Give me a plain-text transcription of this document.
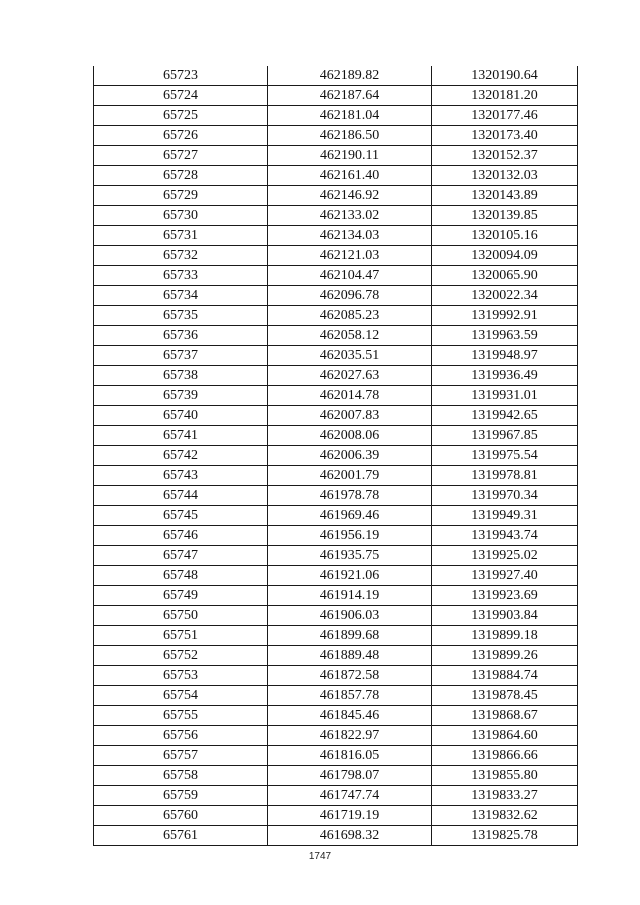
65723	462189.82	1320190.64
65724	462187.64	1320181.20
65725	462181.04	1320177.46
65726	462186.50	1320173.40
65727	462190.11	1320152.37
65728	462161.40	1320132.03
65729	462146.92	1320143.89
65730	462133.02	1320139.85
65731	462134.03	1320105.16
65732	462121.03	1320094.09
65733	462104.47	1320065.90
65734	462096.78	1320022.34
65735	462085.23	1319992.91
65736	462058.12	1319963.59
65737	462035.51	1319948.97
65738	462027.63	1319936.49
65739	462014.78	1319931.01
65740	462007.83	1319942.65
65741	462008.06	1319967.85
65742	462006.39	1319975.54
65743	462001.79	1319978.81
65744	461978.78	1319970.34
65745	461969.46	1319949.31
65746	461956.19	1319943.74
65747	461935.75	1319925.02
65748	461921.06	1319927.40
65749	461914.19	1319923.69
65750	461906.03	1319903.84
65751	461899.68	1319899.18
65752	461889.48	1319899.26
65753	461872.58	1319884.74
65754	461857.78	1319878.45
65755	461845.46	1319868.67
65756	461822.97	1319864.60
65757	461816.05	1319866.66
65758	461798.07	1319855.80
65759	461747.74	1319833.27
65760	461719.19	1319832.62
65761	461698.32	1319825.78
1747
